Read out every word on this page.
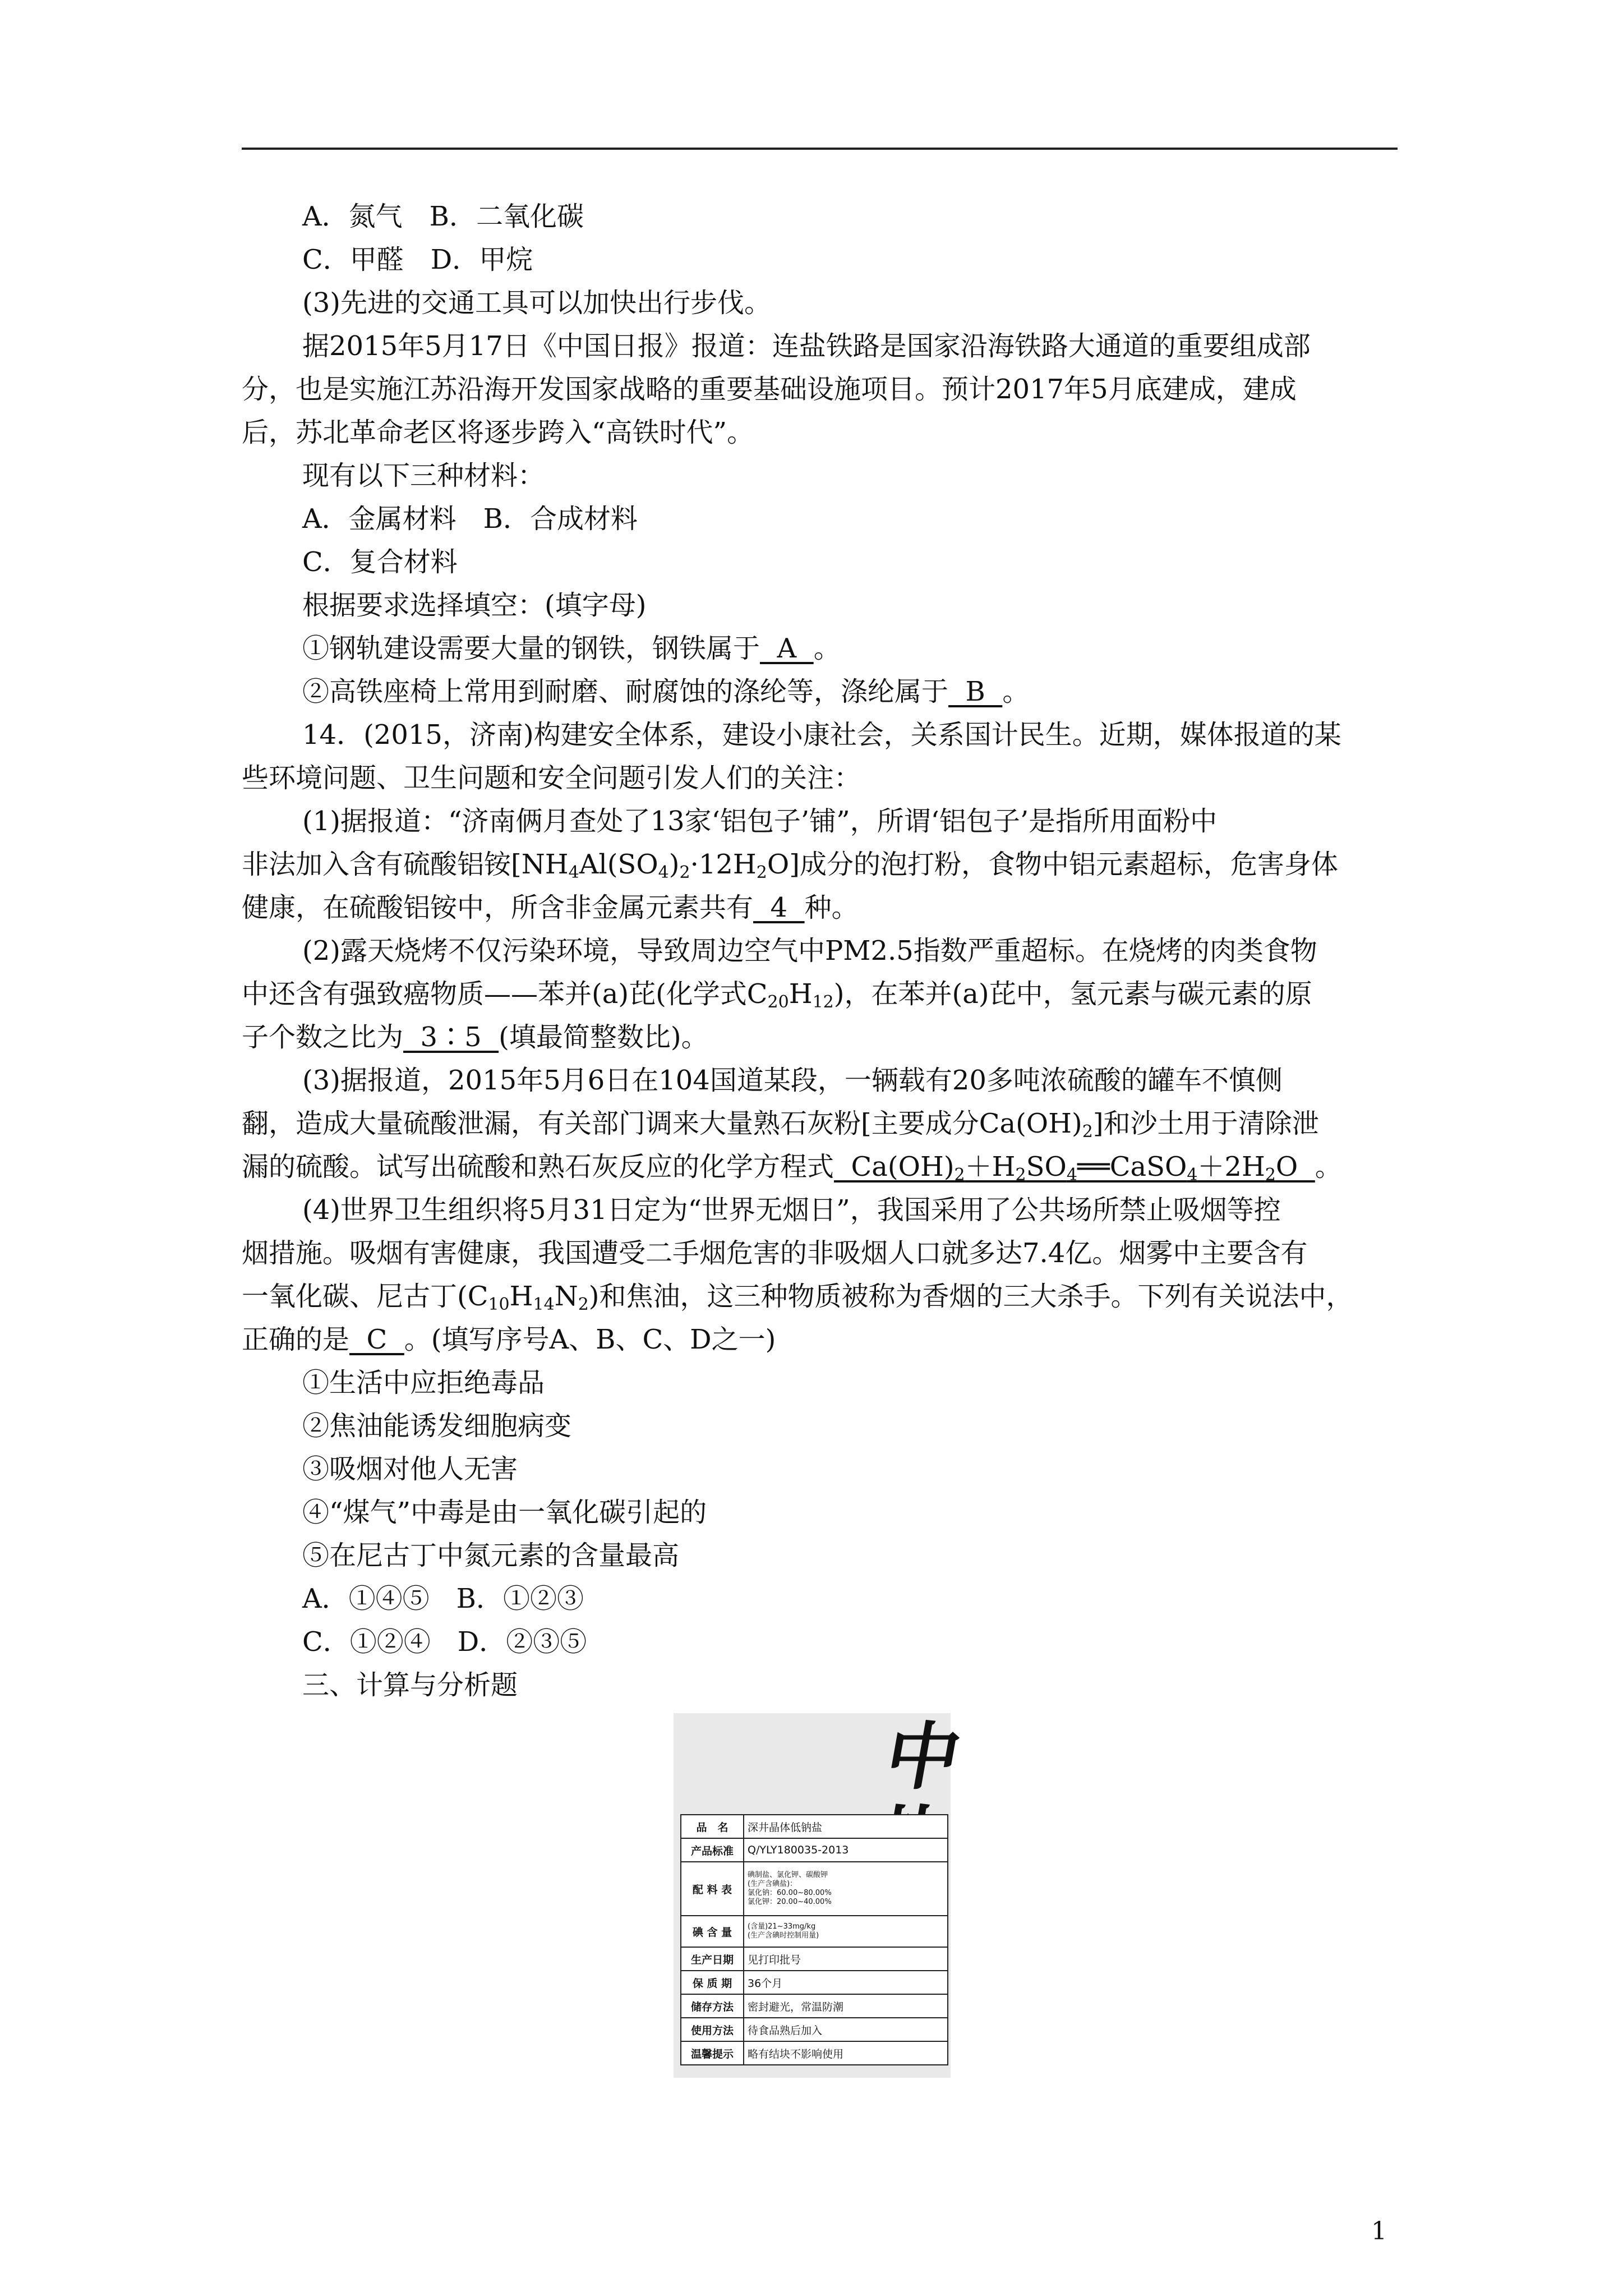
A．氮气　B．二氧化碳
C．甲醛　D．甲烷
(3)先进的交通工具可以加快出行步伐。
据2015年5月17日《中国日报》报道：连盐铁路是国家沿海铁路大通道的重要组成部
分，也是实施江苏沿海开发国家战略的重要基础设施项目。预计2017年5月底建成，建成
后，苏北革命老区将逐步跨入“高铁时代”。
现有以下三种材料：
A．金属材料　B．合成材料
C．复合材料
根据要求选择填空：(填字母)
①钢轨建设需要大量的钢铁，钢铁属于  A  。
②高铁座椅上常用到耐磨、耐腐蚀的涤纶等，涤纶属于  B  。
14．(2015，济南)构建安全体系，建设小康社会，关系国计民生。近期，媒体报道的某
些环境问题、卫生问题和安全问题引发人们的关注：
(1)据报道：“济南俩月查处了13家‘铝包子’铺”，所谓‘铝包子’是指所用面粉中
非法加入含有硫酸铝铵$[NH_4Al(SO_4)_2\cdot 12H_2O]$成分的泡打粉，食物中铝元素超标，危害身体
健康，在硫酸铝铵中，所含非金属元素共有  4  种。
(2)露天烧烤不仅污染环境，导致周边空气中PM2.5指数严重超标。在烧烤的肉类食物
中还含有强致癌物质——苯并(a)芘(化学式$C_{20}H_{12}$)，在苯并(a)芘中，氢元素与碳元素的原
子个数之比为  3∶5  (填最简整数比)。
(3)据报道，2015年5月6日在104国道某段，一辆载有20多吨浓硫酸的罐车不慎侧
翻，造成大量硫酸泄漏，有关部门调来大量熟石灰粉[主要成分$Ca(OH)_2$]和沙土用于清除泄
漏的硫酸。试写出硫酸和熟石灰反应的化学方程式  $Ca(OH)_2+H_2SO_4══CaSO_4+2H_2O$  。
(4)世界卫生组织将5月31日定为“世界无烟日”，我国采用了公共场所禁止吸烟等控
烟措施。吸烟有害健康，我国遭受二手烟危害的非吸烟人口就多达7.4亿。烟雾中主要含有
一氧化碳、尼古丁$(C_{10}H_{14}N_2)$和焦油，这三种物质被称为香烟的三大杀手。下列有关说法中，
正确的是  C  。(填写序号A、B、C、D之一)
①生活中应拒绝毒品
②焦油能诱发细胞病变
③吸烟对他人无害
④“煤气”中毒是由一氧化碳引起的
⑤在尼古丁中氮元素的含量最高
A．①④⑤　B．①②③
C．①②④　D．②③⑤
三、计算与分析题
中盐
品　名	深井晶体低钠盐
产品标准	Q/YLY180035-2013
配 料 表	碘制盐、氯化钾、碳酸钾
(生产含碘盐)：
氯化钠：60.00~80.00%
氯化钾：20.00~40.00%
碘 含 量	(含量)21~33mg/kg
(生产含碘时控制用量)
生产日期	见打印批号
保 质 期	36个月
储存方法	密封避光，常温防潮
使用方法	待食品熟后加入
温馨提示	略有结块不影响使用
1
